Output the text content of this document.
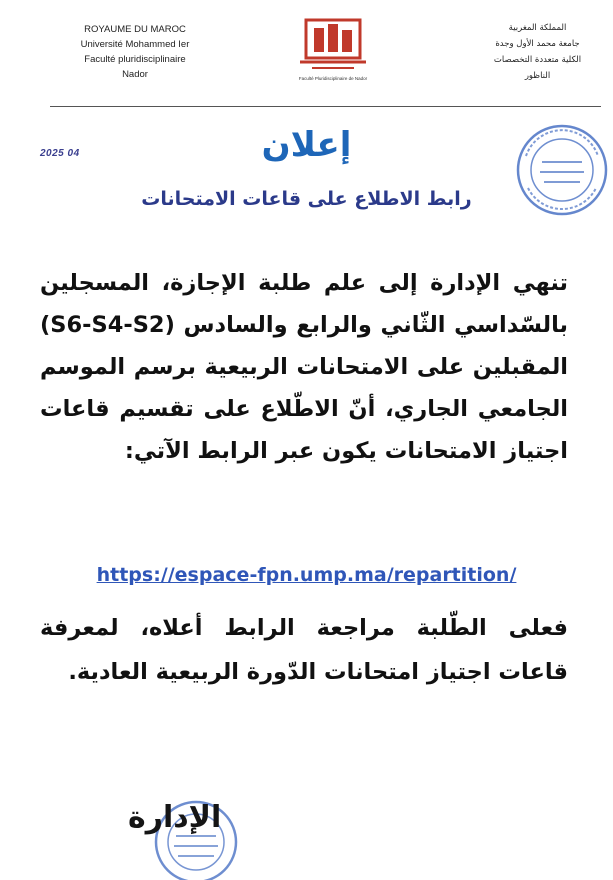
ROYAUME DU MAROC
Université Mohammed Ier
Faculté pluridisciplinaire
Nador	Faculté Pluridisciplinaire de Nador
المملكة المغربية
جامعة محمد الأول وجدة
الكلية متعددة التخصصات
الناظور
2025 04	إعلان
رابط الاطلاع على قاعات الامتحانات
تنهي الإدارة إلى علم طلبة الإجازة، المسجلين بالسّداسي الثّاني والرابع والسادس (S6-S4-S2) المقبلين على الامتحانات الربيعية برسم الموسم الجامعي الجاري، أنّ الاطّلاع على تقسيم قاعات اجتياز الامتحانات يكون عبر الرابط الآتي:
https://espace-fpn.ump.ma/repartition/
فعلى الطّلبة مراجعة الرابط أعلاه، لمعرفة قاعات اجتياز امتحانات الدّورة الربيعية العادية.
الإدارة
